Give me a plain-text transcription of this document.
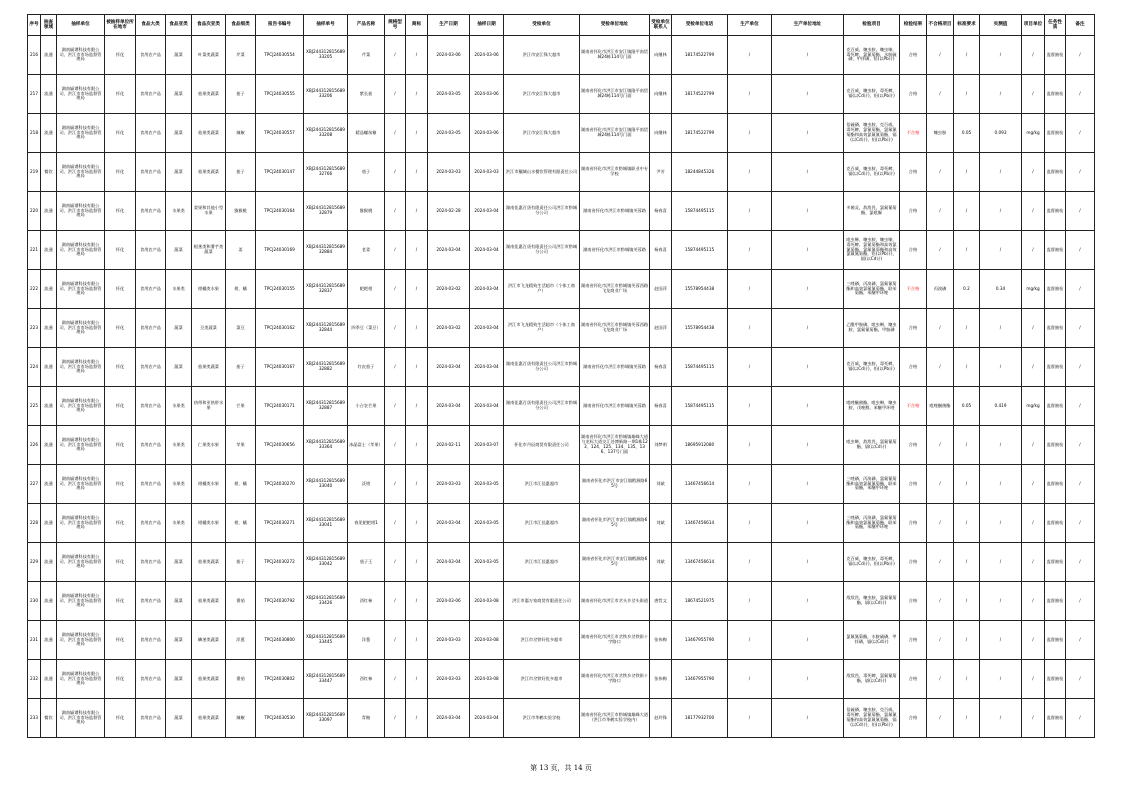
序号	抽查领域	抽样单位	被抽样单位所在地市	食品大类	食品亚类	食品次亚类	食品细类	报告书编号	抽样单号	产品名称	规格型号	商标	生产日期	抽样日期	受检单位	受检单位地址	受检单位联系人	受检单位电话	生产单位	生产单位地址	检验项目	检验结果	不合格项目	标准要求	实测值	项目单位	任务性质	备注
216	流通	湖南辐谱科技有限公司、洪江市市场监督管理局	怀化	食用农产品	蔬菜	叶菜类蔬菜	芹菜	TPCJ24030554	XBJ24431281568933205	芹菜	/	/	2024-03-06	2024-03-06	洪江市安江锋大超市	湖南省怀化市洪江市安江镇隆平南贸城24栋114号门面	向继林	18174522799	/	/	克百威，噻虫胺，噻虫嗪，毒死蜱，氯氰菊酯，水胺硫磷，甲拌磷，铅(以Pb计)	合格	/	/	/	/	监督抽检	/
217	流通	湖南辐谱科技有限公司、洪江市市场监督管理局	怀化	食用农产品	蔬菜	茄果类蔬菜	茄子	TPCJ24030555	XBJ24431281568933206	紫长茄	/	/	2024-03-05	2024-03-06	洪江市安江锋大超市	湖南省怀化市洪江市安江镇隆平南贸城24栋114号门面	向继林	18174522799	/	/	克百威，噻虫胺，毒死蜱，镉(以Cd计)，铅(以Pb计)	合格	/	/	/	/	监督抽检	/
218	流通	湖南辐谱科技有限公司、洪江市市场监督管理局	怀化	食用农产品	蔬菜	茄果类蔬菜	辣椒	TPCJ24030557	XBJ24431281568933208	精品螺丝椒	/	/	2024-03-05	2024-03-06	洪江市安江锋大超市	湖南省怀化市洪江市安江镇隆平南贸城24栋114号门面	向继林	18174522799	/	/	倍硫磷，噻虫胺，克百威，毒死蜱，氯氰菊酯，氯氟氰菊酯和高效氯氟氰菊酯，镉(以Cd计)，铅(以Pb计)	不合格	噻虫胺	0.05	0.093	mg/kg	监督抽检	/
219	餐饮	湖南辐谱科技有限公司、洪江市市场监督管理局	怀化	食用农产品	蔬菜	茄果类蔬菜	茄子	TPCJ24030147	XBJ24431281568932766	茄子	/	/	2024-03-03	2024-03-03	洪江市穰城山水餐饮管理有限责任公司	湖南省怀化市洪江市黔城镇职业中专学校	尹芳	18244845326	/	/	克百威，噻虫胺，毒死蜱，镉(以Cd计)，铅(以Pb计)	合格	/	/	/	/	监督抽检	/
220	流通	湖南辐谱科技有限公司、洪江市市场监督管理局	怀化	食用农产品	水果类	浆果和其他小型水果	猕猴桃	TPCJ24030164	XBJ24431281568932879	猕猴桃	/	/	2024-02-28	2024-03-04	湖南佳惠百货有限责任公司洪江市黔城分公司	湖南省怀化市洪江市黔城镇芙蓉路	杨春喜	15874495115	/	/	多菌灵，敌敌畏，氯氟氰菊酯，氯吡脲	合格	/	/	/	/	监督抽检	/
221	流通	湖南辐谱科技有限公司、洪江市市场监督管理局	怀化	食用农产品	蔬菜	根茎类和薯芋类蔬菜	姜	TPCJ24030169	XBJ24431281568932884	老姜	/	/	2024-03-04	2024-03-04	湖南佳惠百货有限责任公司洪江市黔城分公司	湖南省怀化市洪江市黔城镇芙蓉路	杨春喜	15874495115	/	/	吡虫啉，噻虫胺，噻虫嗪，毒死蜱，氯氰菊酯和高效氯氰菊酯，氯氟氰菊酯和高效氯氟氰菊酯，铅(以Pb计)，镉(以Cd计)	合格	/	/	/	/	监督抽检	/
222	流通	湖南辐谱科技有限公司、洪江市市场监督管理局	怀化	食用农产品	水果类	柑橘类水果	柑、橘	TPCJ24030155	XBJ24431281568932837	耙耙柑	/	/	2024-03-02	2024-03-04	洪江市飞龙精致生活超市（个体工商户）	湖南省怀化市洪江市黔城镇芙蓉西路飞龙商业广场	赵国萍	15578954438	/	/	三唑磷，丙溴磷，氯氟氰菊酯和高效氯氟氰菊酯，联苯菊酯，苯醚甲环唑	不合格	丙溴磷	0.2	0.34	mg/kg	监督抽检	/
223	流通	湖南辐谱科技有限公司、洪江市市场监督管理局	怀化	食用农产品	蔬菜	豆类蔬菜	菜豆	TPCJ24030162	XBJ24431281568932844	四季豆（菜豆）	/	/	2024-03-02	2024-03-04	洪江市飞龙精致生活超市（个体工商户）	湖南省怀化市洪江市黔城镇芙蓉西路飞龙商业广场	赵国萍	15578954438	/	/	乙酰甲胺磷，吡虫啉，噻虫胺，氯氟氰菊酯，甲胺磷	合格	/	/	/	/	监督抽检	/
224	流通	湖南辐谱科技有限公司、洪江市市场监督管理局	怀化	食用农产品	蔬菜	茄果类蔬菜	茄子	TPCJ24030167	XBJ24431281568932882	红皮茄子	/	/	2024-03-04	2024-03-04	湖南佳惠百货有限责任公司洪江市黔城分公司	湖南省怀化市洪江市黔城镇芙蓉路	杨春喜	15874495115	/	/	克百威，噻虫胺，毒死蜱，镉(以Cd计)，铅(以Pb计)	合格	/	/	/	/	监督抽检	/
225	流通	湖南辐谱科技有限公司、洪江市市场监督管理局	怀化	食用农产品	水果类	热带和亚热带水果	芒果	TPCJ24030171	XBJ24431281568932887	小台农芒果	/	/	2024-03-04	2024-03-04	湖南佳惠百货有限责任公司洪江市黔城分公司	湖南省怀化市洪江市黔城镇芙蓉路	杨春喜	15874495115	/	/	吡唑醚菌酯，吡虫啉，噻虫胺，戊唑醇，苯醚甲环唑	不合格	吡唑醚菌酯	0.05	0.419	mg/kg	监督抽检	/
226	流通	湖南辐谱科技有限公司、洪江市市场监督管理局	怀化	食用农产品	水果类	仁果类水果	苹果	TPCJ24030656	XBJ24431281568933364	冰晶富士（苹果）	/	/	2024-02-11	2024-03-07	怀化市丹辰商贸有限责任公司	湖南省怀化市洪江市黔城镇雄峰大道与龙标大道交汇处博新路一期1栋123、124、125、134、135、136、137号门面	刘梦明	18695912080	/	/	吡虫啉，敌敌畏，氯氟氰菊酯，镉(以Cd计)	合格	/	/	/	/	监督抽检	/
227	流通	湖南辐谱科技有限公司、洪江市市场监督管理局	怀化	食用农产品	水果类	柑橘类水果	柑、橘	TPCJ24030270	XBJ24431281568933040	沃柑	/	/	2024-03-03	2024-03-05	洪江市江佳惠超市	湖南省怀化市洪江市安江镇稻源路65号	刘斌	13467456614	/	/	三唑磷，丙溴磷，氯氟氰菊酯和高效氯氟氰菊酯，联苯菊酯，苯醚甲环唑	合格	/	/	/	/	监督抽检	/
228	流通	湖南辐谱科技有限公司、洪江市市场监督管理局	怀化	食用农产品	水果类	柑橘类水果	柑、橘	TPCJ24030271	XBJ24431281568933041	春见耙耙柑1	/	/	2024-03-04	2024-03-05	洪江市江佳惠超市	湖南省怀化市洪江市安江镇稻源路65号	刘斌	13467456614	/	/	三唑磷，丙溴磷，氯氟氰菊酯和高效氯氟氰菊酯，联苯菊酯，苯醚甲环唑	合格	/	/	/	/	监督抽检	/
229	流通	湖南辐谱科技有限公司、洪江市市场监督管理局	怀化	食用农产品	蔬菜	茄果类蔬菜	茄子	TPCJ24030272	XBJ24431281568933042	茄子王	/	/	2024-03-04	2024-03-05	洪江市江佳惠超市	湖南省怀化市洪江市安江镇稻源路65号	刘斌	13467456614	/	/	克百威，噻虫胺，毒死蜱，镉(以Cd计)，铅(以Pb计)	合格	/	/	/	/	监督抽检	/
230	流通	湖南辐谱科技有限公司、洪江市市场监督管理局	怀化	食用农产品	蔬菜	茄果类蔬菜	番茄	TPCJ24030792	XBJ24431281568933426	西红柿	/	/	2024-03-06	2024-03-08	洪江市惠万家商贸有限责任公司	湖南省怀化市洪江市岔头乡岔头街道	唐哲文	18674521975	/	/	敌敌畏，噻虫胺，氯氟氰菊酯，镉(以Cd计)	合格	/	/	/	/	监督抽检	/
231	流通	湖南辐谱科技有限公司、洪江市市场监督管理局	怀化	食用农产品	蔬菜	鳞茎类蔬菜	洋葱	TPCJ24030800	XBJ24431281568933445	洋葱	/	/	2024-03-03	2024-03-08	洪江市岔铁好优多超市	湖南省怀化市洪江市岔铁乡岔铁街十字路口	张伟梅	13467955790	/	/	氯氟氰菊酯，水胺硫磷，甲拌磷，镉(以Cd计)	合格	/	/	/	/	监督抽检	/
232	流通	湖南辐谱科技有限公司、洪江市市场监督管理局	怀化	食用农产品	蔬菜	茄果类蔬菜	番茄	TPCJ24030802	XBJ24431281568933447	西红柿	/	/	2024-03-03	2024-03-08	洪江市岔铁好优多超市	湖南省怀化市洪江市岔铁乡岔铁街十字路口	张伟梅	13467955790	/	/	敌敌畏，毒死蜱，氯氟氰菊酯，镉(以Cd计)	合格	/	/	/	/	监督抽检	/
233	餐饮	湖南辐谱科技有限公司、洪江市市场监督管理局	怀化	食用农产品	蔬菜	茄果类蔬菜	辣椒	TPCJ24030530	XBJ24431281568933097	青椒	/	/	2024-03-04	2024-03-04	洪江市华鹤实验学校	湖南省怀化市洪江市黔城镇雄峰大道（洪江市华鹤实验学校内）	赵玲锋	18177932700	/	/	倍硫磷，噻虫胺，克百威，毒死蜱，氯氰菊酯，氯氟氰菊酯和高效氯氟氰菊酯，镉(以Cd计)，铅(以Pb计)	合格	/	/	/	/	监督抽检	/
第 13 页，共 14 页
